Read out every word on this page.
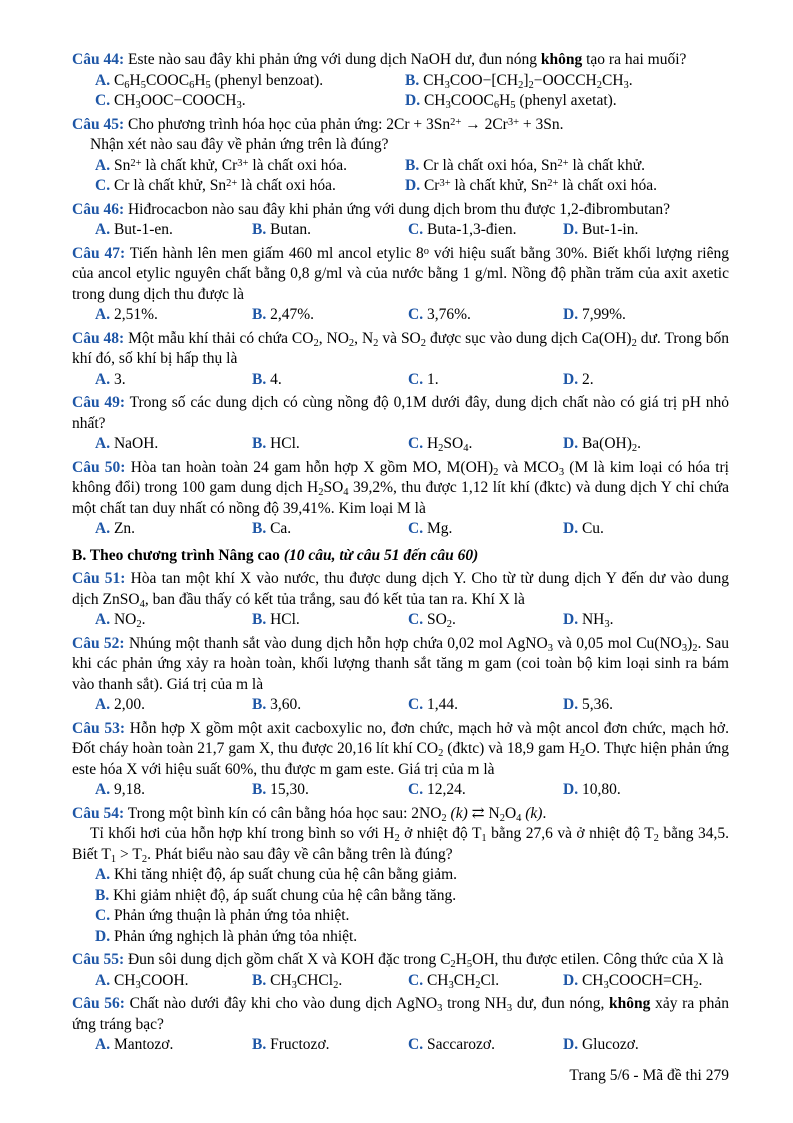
Câu 44: Este nào sau đây khi phản ứng với dung dịch NaOH dư, đun nóng không tạo ra hai muối?
A. $C_6H_5COOC_6H_5$ (phenyl benzoat).	B. $CH_3COO-[CH_2]_2-OOCCH_2CH_3$.
C. $CH_3OOC-COOCH_3$.	D. $CH_3COOC_6H_5$ (phenyl axetat).
Câu 45: Cho phương trình hóa học của phản ứng: $2Cr + 3Sn^{2+} \to 2Cr^{3+} + 3Sn$.
Nhận xét nào sau đây về phản ứng trên là đúng?
A. $Sn^{2+}$ là chất khử, $Cr^{3+}$ là chất oxi hóa.	B. Cr là chất oxi hóa, $Sn^{2+}$ là chất khử.
C. Cr là chất khử, $Sn^{2+}$ là chất oxi hóa.	D. $Cr^{3+}$ là chất khử, $Sn^{2+}$ là chất oxi hóa.
Câu 46: Hiđrocacbon nào sau đây khi phản ứng với dung dịch brom thu được 1,2-đibrombutan?
A. But-1-en.	B. Butan.	C. Buta-1,3-đien.	D. But-1-in.
Câu 47: Tiến hành lên men giấm 460 ml ancol etylic 8$^o$ với hiệu suất bằng 30%. Biết khối lượng riêng của ancol etylic nguyên chất bằng 0,8 g/ml và của nước bằng 1 g/ml. Nồng độ phần trăm của axit axetic trong dung dịch thu được là
A. 2,51%.	B. 2,47%.	C. 3,76%.	D. 7,99%.
Câu 48: Một mẫu khí thải có chứa $CO_2$, $NO_2$, $N_2$ và $SO_2$ được sục vào dung dịch $Ca(OH)_2$ dư. Trong bốn khí đó, số khí bị hấp thụ là
A. 3.	B. 4.	C. 1.	D. 2.
Câu 49: Trong số các dung dịch có cùng nồng độ 0,1M dưới đây, dung dịch chất nào có giá trị pH nhỏ nhất?
A. NaOH.	B. HCl.	C. $H_2SO_4$.	D. $Ba(OH)_2$.
Câu 50: Hòa tan hoàn toàn 24 gam hỗn hợp X gồm MO, $M(OH)_2$ và $MCO_3$ (M là kim loại có hóa trị không đổi) trong 100 gam dung dịch $H_2SO_4$ 39,2%, thu được 1,12 lít khí (đktc) và dung dịch Y chỉ chứa một chất tan duy nhất có nồng độ 39,41%. Kim loại M là
A. Zn.	B. Ca.	C. Mg.	D. Cu.
B. Theo chương trình Nâng cao (10 câu, từ câu 51 đến câu 60)
Câu 51: Hòa tan một khí X vào nước, thu được dung dịch Y. Cho từ từ dung dịch Y đến dư vào dung dịch ZnSO$_4$, ban đầu thấy có kết tủa trắng, sau đó kết tủa tan ra. Khí X là
A. $NO_2$.	B. HCl.	C. $SO_2$.	D. $NH_3$.
Câu 52: Nhúng một thanh sắt vào dung dịch hỗn hợp chứa 0,02 mol AgNO$_3$ và 0,05 mol $Cu(NO_3)_2$. Sau khi các phản ứng xảy ra hoàn toàn, khối lượng thanh sắt tăng m gam (coi toàn bộ kim loại sinh ra bám vào thanh sắt). Giá trị của m là
A. 2,00.	B. 3,60.	C. 1,44.	D. 5,36.
Câu 53: Hỗn hợp X gồm một axit cacboxylic no, đơn chức, mạch hở và một ancol đơn chức, mạch hở. Đốt cháy hoàn toàn 21,7 gam X, thu được 20,16 lít khí $CO_2$ (đktc) và 18,9 gam $H_2O$. Thực hiện phản ứng este hóa X với hiệu suất 60%, thu được m gam este. Giá trị của m là
A. 9,18.	B. 15,30.	C. 12,24.	D. 10,80.
Câu 54: Trong một bình kín có cân bằng hóa học sau: $2NO_2$ (k) ⇄ $N_2O_4$ (k).
Tỉ khối hơi của hỗn hợp khí trong bình so với $H_2$ ở nhiệt độ $T_1$ bằng 27,6 và ở nhiệt độ $T_2$ bằng 34,5. Biết $T_1 > T_2$. Phát biểu nào sau đây về cân bằng trên là đúng?
A. Khi tăng nhiệt độ, áp suất chung của hệ cân bằng giảm.
B. Khi giảm nhiệt độ, áp suất chung của hệ cân bằng tăng.
C. Phản ứng thuận là phản ứng tỏa nhiệt.
D. Phản ứng nghịch là phản ứng tỏa nhiệt.
Câu 55: Đun sôi dung dịch gồm chất X và KOH đặc trong $C_2H_5OH$, thu được etilen. Công thức của X là
A. $CH_3COOH$.	B. $CH_3CHCl_2$.	C. $CH_3CH_2Cl$.	D. $CH_3COOCH=CH_2$.
Câu 56: Chất nào dưới đây khi cho vào dung dịch AgNO$_3$ trong $NH_3$ dư, đun nóng, không xảy ra phản ứng tráng bạc?
A. Mantozơ.	B. Fructozơ.	C. Saccarozơ.	D. Glucozơ.
Trang 5/6 - Mã đề thi 279
